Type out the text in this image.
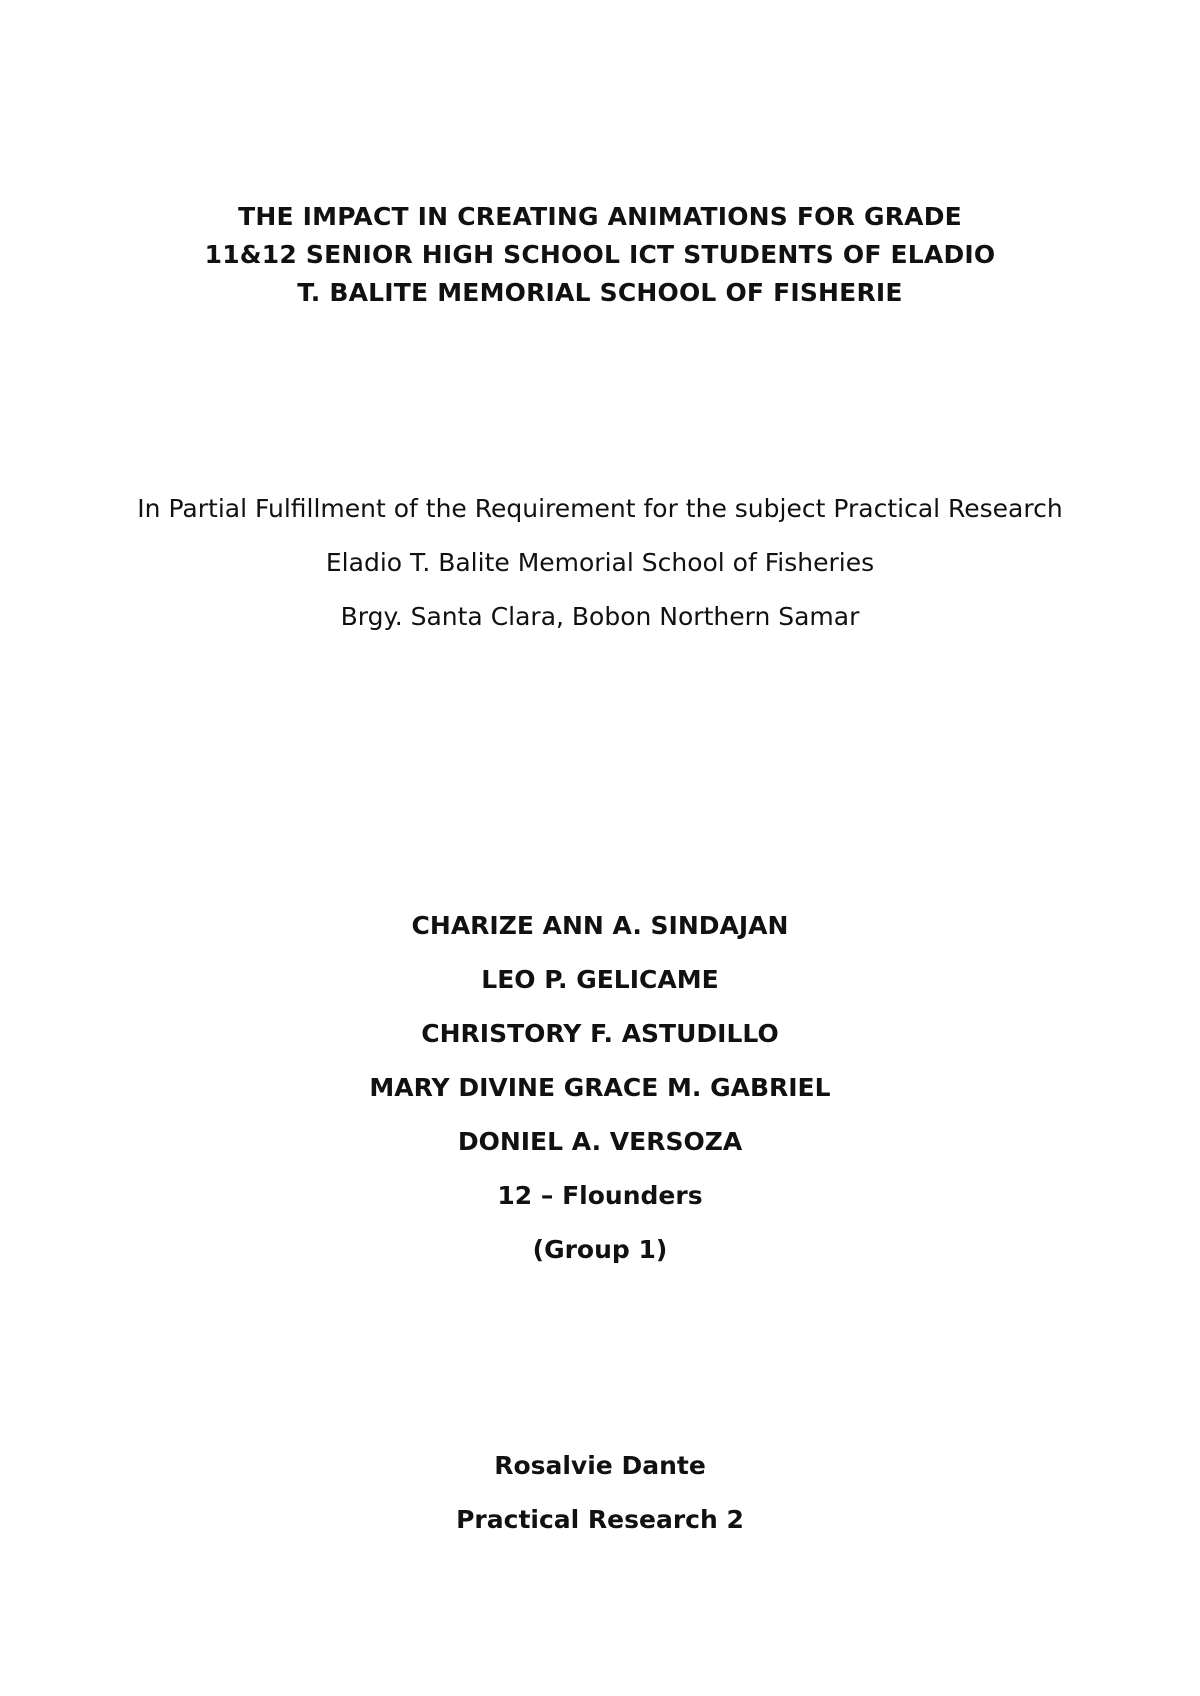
THE IMPACT IN CREATING ANIMATIONS FOR GRADE
11&12 SENIOR HIGH SCHOOL ICT STUDENTS OF ELADIO
T. BALITE MEMORIAL SCHOOL OF FISHERIE

In Partial Fulfillment of the Requirement for the subject Practical Research

Eladio T. Balite Memorial School of Fisheries

Brgy. Santa Clara, Bobon Northern Samar

CHARIZE ANN A. SINDAJAN
LEO P. GELICAME
CHRISTORY F. ASTUDILLO
MARY DIVINE GRACE M. GABRIEL
DONIEL A. VERSOZA
12 – Flounders
(Group 1)
Rosalvie Dante
Practical Research 2
